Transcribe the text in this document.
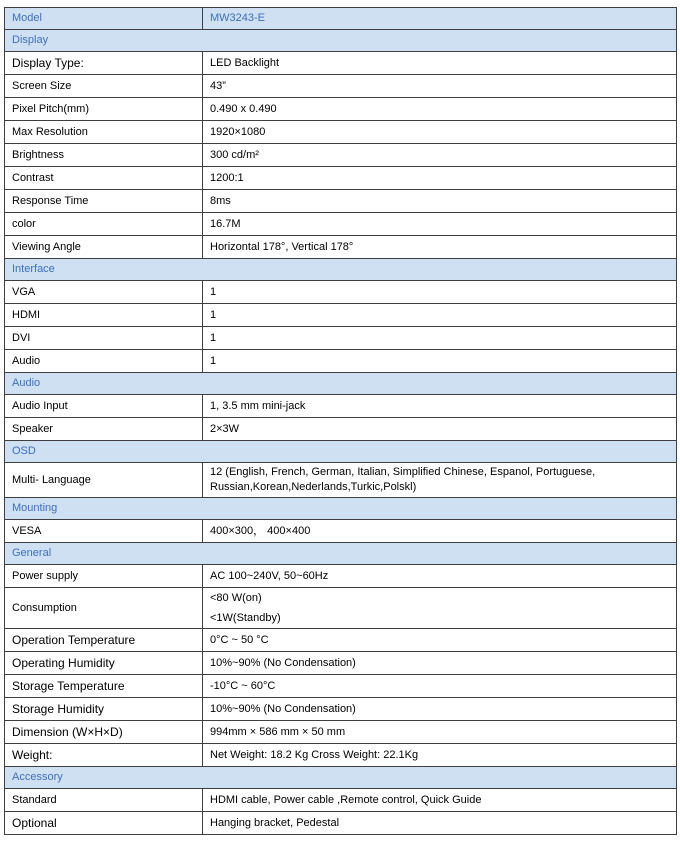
Model	MW3243-E
Display	
Display Type:	LED Backlight
Screen Size	43”
Pixel Pitch(mm)	0.490 x 0.490
Max Resolution	1920×1080
Brightness	300 cd/m²
Contrast	1200:1
Response Time	8ms
color	16.7M
Viewing Angle	Horizontal 178°, Vertical 178°
Interface	
VGA	1
HDMI	1
DVI	1
Audio	1
Audio	
Audio Input	1, 3.5 mm mini-jack
Speaker	2×3W
OSD	
Multi- Language	12 (English, French, German, Italian, Simplified Chinese, Espanol, Portuguese,
Russian,Korean,Nederlands,Turkic,Polskl)

Mounting	
VESA	400×300， 400×400
General	
Power supply	AC 100~240V, 50~60Hz
Consumption	<80 W(on)
<1W(Standby)

Operation Temperature	0°C ~ 50 °C
Operating Humidity	10%~90% (No Condensation)
Storage Temperature	-10°C ~ 60°C
Storage Humidity	10%~90% (No Condensation)
Dimension (W×H×D)	994mm × 586 mm × 50 mm
Weight:	Net Weight: 18.2 Kg Cross Weight: 22.1Kg
Accessory	
Standard	HDMI cable, Power cable ,Remote control, Quick Guide
Optional	Hanging bracket, Pedestal
